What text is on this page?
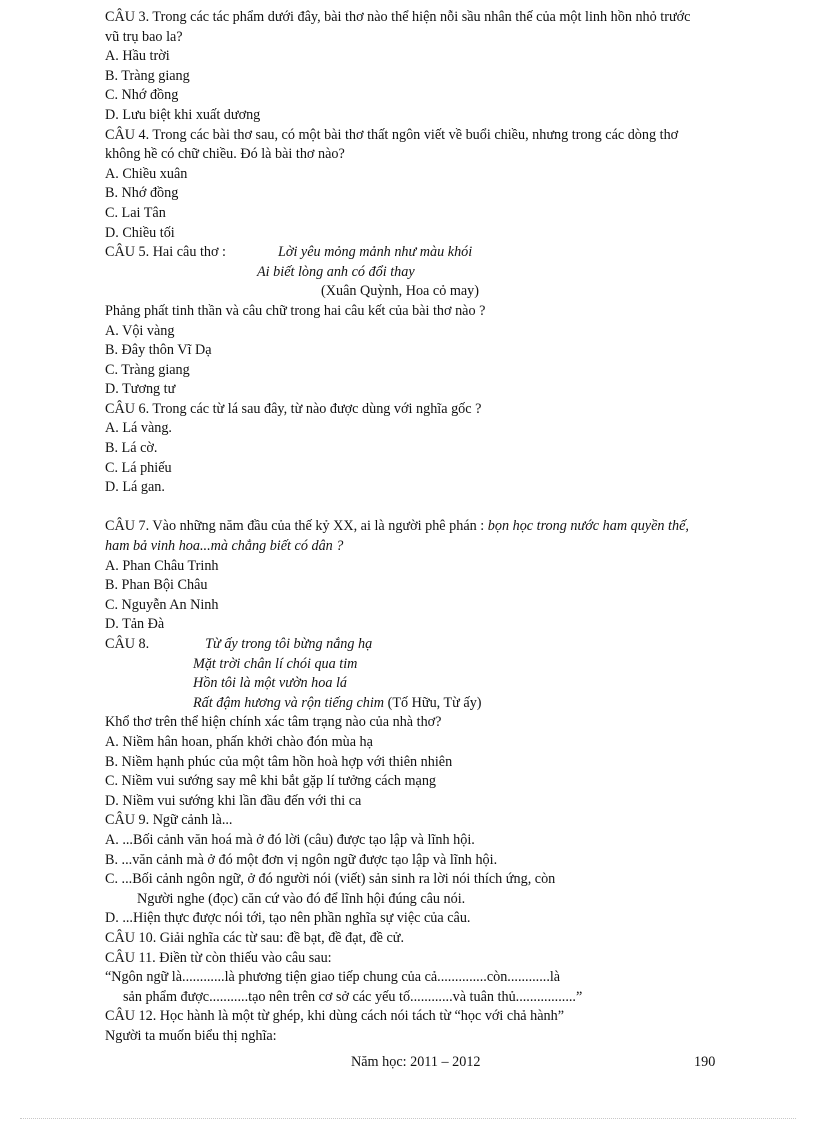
CÂU 3. Trong các tác phẩm dưới đây, bài thơ nào thể hiện nỗi sầu nhân thế của một linh hồn nhỏ trước
vũ trụ bao la?
A. Hầu trời
B. Tràng giang
C. Nhớ đồng
D. Lưu biệt khi xuất dương
CÂU 4. Trong các bài thơ sau, có một bài thơ thất ngôn viết về buổi chiều, nhưng trong các dòng thơ
không hề có chữ chiều. Đó là bài thơ nào?
A. Chiều xuân
B. Nhớ đồng
C. Lai Tân
D. Chiều tối
CÂU 5. Hai câu thơ :	Lời yêu mỏng mảnh như màu khói
Ai biết lòng anh có đổi thay
(Xuân Quỳnh, Hoa cỏ may)
Phảng phất tinh thần và câu chữ trong hai câu kết của bài thơ nào ?
A. Vội vàng
B. Đây thôn Vĩ Dạ
C. Tràng giang
D. Tương tư
CÂU 6. Trong các từ lá sau đây, từ nào được dùng với nghĩa gốc ?
A. Lá vàng.
B. Lá cờ.
C. Lá phiếu
D. Lá gan.
CÂU 7. Vào những năm đầu của thế kỷ XX, ai là người phê phán : bọn học trong nước ham quyền thế,
ham bả vinh hoa...mà chẳng biết có dân ?
A. Phan Châu Trinh
B. Phan Bội Châu
C. Nguyễn An Ninh
D. Tản Đà
CÂU 8.	Từ ấy trong tôi bừng nắng hạ
Mặt trời chân lí chói qua tim
Hồn tôi là một vườn hoa lá
Rất đậm hương và rộn tiếng chim (Tố Hữu, Từ ấy)
Khổ thơ trên thể hiện chính xác tâm trạng nào của nhà thơ?
A. Niềm hân hoan, phấn khởi chào đón mùa hạ
B. Niềm hạnh phúc của một tâm hồn hoà hợp với thiên nhiên
C. Niềm vui sướng say mê khi bắt gặp lí tưởng cách mạng
D. Niềm vui sướng khi lần đầu đến với thi ca
CÂU 9. Ngữ cảnh là...
A. ...Bối cảnh văn hoá mà ở đó lời (câu) được tạo lập và lĩnh hội.
B. ...văn cảnh mà ở đó một đơn vị ngôn ngữ được tạo lập và lĩnh hội.
C. ...Bối cảnh ngôn ngữ, ở đó người nói (viết) sản sinh ra lời nói thích ứng, còn
Người nghe (đọc) căn cứ vào đó để lĩnh hội đúng câu nói.
D. ...Hiện thực được nói tới, tạo nên phần nghĩa sự việc của câu.
CÂU 10. Giải nghĩa các từ sau: đề bạt, đề đạt, đề cử.
CÂU 11. Điền từ còn thiếu vào câu sau:
“Ngôn ngữ là............là phương tiện giao tiếp chung của cả..............còn............là
sản phẩm được...........tạo nên trên cơ sở các yếu tố............và tuân thủ.................”
CÂU 12. Học hành là một từ ghép, khi dùng cách nói tách từ “học với chả hành”
Người ta muốn biểu thị nghĩa:
Năm học: 2011 – 2012	190
